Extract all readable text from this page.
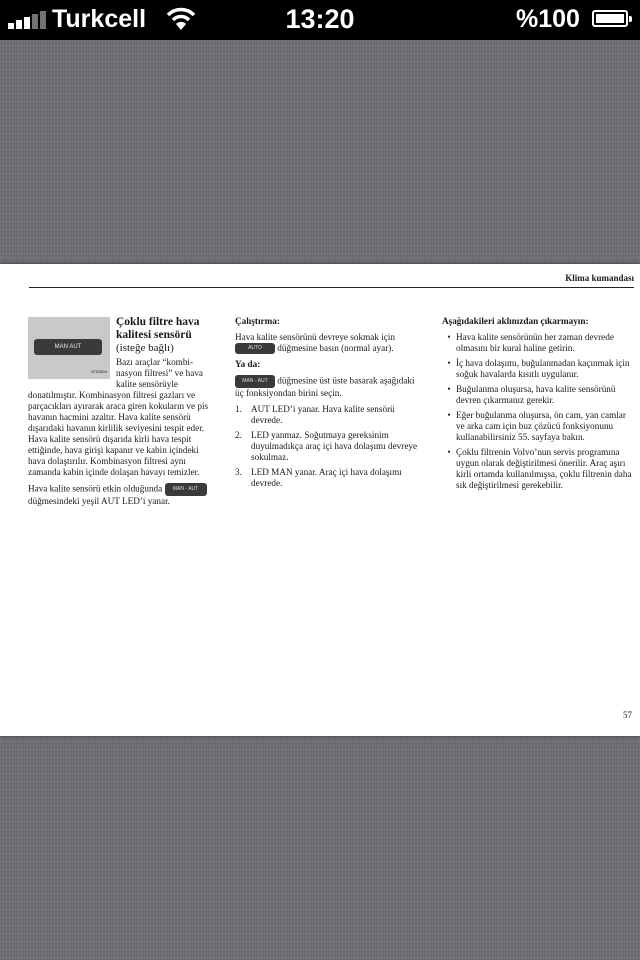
Turkcell	13:20	%100
Klima kumandası
MAN AUT
8702604
Çoklu filtre hava kalitesi sensörü
(isteğe bağlı)

Bazı araçlar “kombi-nasyon filtresi” ve hava kalite sensörüyle donatılmıştır. Kombinasyon filtresi gazları ve parçacıkları ayırarak araca giren kokuların ve pis havanın hacmini azaltır. Hava kalite sensörü dışarıdaki havanın kirlilik seviyesini tespit eder. Hava kalite sensörü dışarıda kirli hava tespit ettiğinde, hava girişi kapanır ve kabin içindeki hava dolaştırılır. Kombinasyon filtresi aynı zamanda kabin içinde dolaşan havayı temizler.

Hava kalite sensörü etkin olduğunda MAN ◦ AUT düğmesindeki yeşil AUT LED’i yanar.

Çalıştırma:

Hava kalite sensörünü devreye sokmak için
AUTO düğmesine basın (normal ayar).

Ya da:

MAN ◦ AUT düğmesine üst üste basarak aşağıdaki üç fonksiyondan birini seçin.

1. AUT LED’i yanar. Hava kalite sensörü devrede.
2. LED yanmaz. Soğutmaya gereksinim duyulmadıkça araç içi hava dolaşımı devreye sokulmaz.
3. LED MAN yanar. Araç içi hava dolaşımı devrede.

Aşağıdakileri aklınızdan çıkarmayın:

• Hava kalite sensörünün her zaman devrede olmasını bir kural haline getirin.
• İç hava dolaşımı, buğulanmadan kaçınmak için soğuk havalarda kısıtlı uygulanır.
• Buğulanma oluşursa, hava kalite sensörünü devren çıkarmanız gerekir.
• Eğer buğulanma oluşursa, ön cam, yan camlar ve arka cam için buz çözücü fonksiyonunu kullanabilirsiniz 55. sayfaya bakın.
• Çoklu filtrenin Volvo’nun servis programına uygun olarak değiştirilmesi önerilir. Araç aşırı kirli ortamda kullanılmışsa, çoklu filtrenin daha sık değiştirilmesi gerekebilir.
57
